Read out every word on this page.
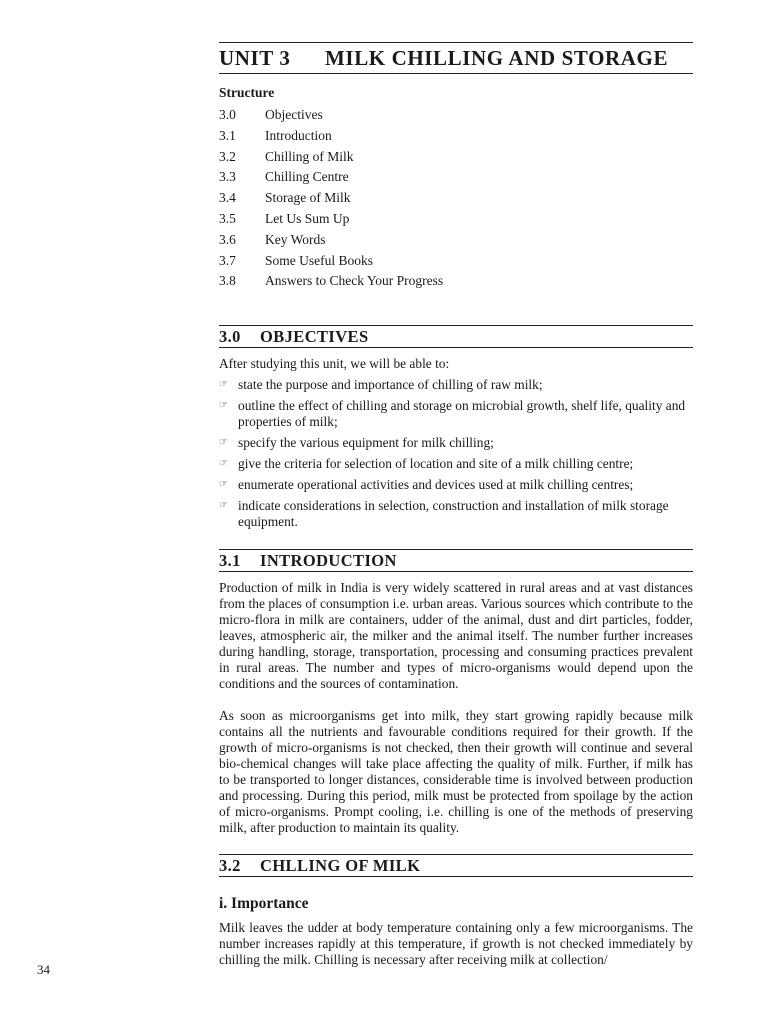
UNIT 3 MILK CHILLING AND STORAGE
Structure
3.0	Objectives
3.1	Introduction
3.2	Chilling of Milk
3.3	Chilling Centre
3.4	Storage of Milk
3.5	Let Us Sum Up
3.6	Key Words
3.7	Some Useful Books
3.8	Answers to Check Your Progress
3.0 OBJECTIVES

After studying this unit, we will be able to:

☞ state the purpose and importance of chilling of raw milk;
☞ outline the effect of chilling and storage on microbial growth, shelf life, quality and properties of milk;
☞ specify the various equipment for milk chilling;
☞ give the criteria for selection of location and site of a milk chilling centre;
☞ enumerate operational activities and devices used at milk chilling centres;
☞ indicate considerations in selection, construction and installation of milk storage equipment.
3.1 INTRODUCTION

Production of milk in India is very widely scattered in rural areas and at vast distances from the places of consumption i.e. urban areas. Various sources which contribute to the micro-flora in milk are containers, udder of the animal, dust and dirt particles, fodder, leaves, atmospheric air, the milker and the animal itself. The number further increases during handling, storage, transportation, processing and consuming practices prevalent in rural areas. The number and types of micro-organisms would depend upon the conditions and the sources of contamination.

As soon as microorganisms get into milk, they start growing rapidly because milk contains all the nutrients and favourable conditions required for their growth. If the growth of micro-organisms is not checked, then their growth will continue and several bio-chemical changes will take place affecting the quality of milk. Further, if milk has to be transported to longer distances, considerable time is involved between production and processing. During this period, milk must be protected from spoilage by the action of micro-organisms. Prompt cooling, i.e. chilling is one of the methods of preserving milk, after production to maintain its quality.

3.2 CHLLING OF MILK
i. Importance

Milk leaves the udder at body temperature containing only a few microorganisms. The number increases rapidly at this temperature, if growth is not checked immediately by chilling the milk. Chilling is necessary after receiving milk at collection/

34
